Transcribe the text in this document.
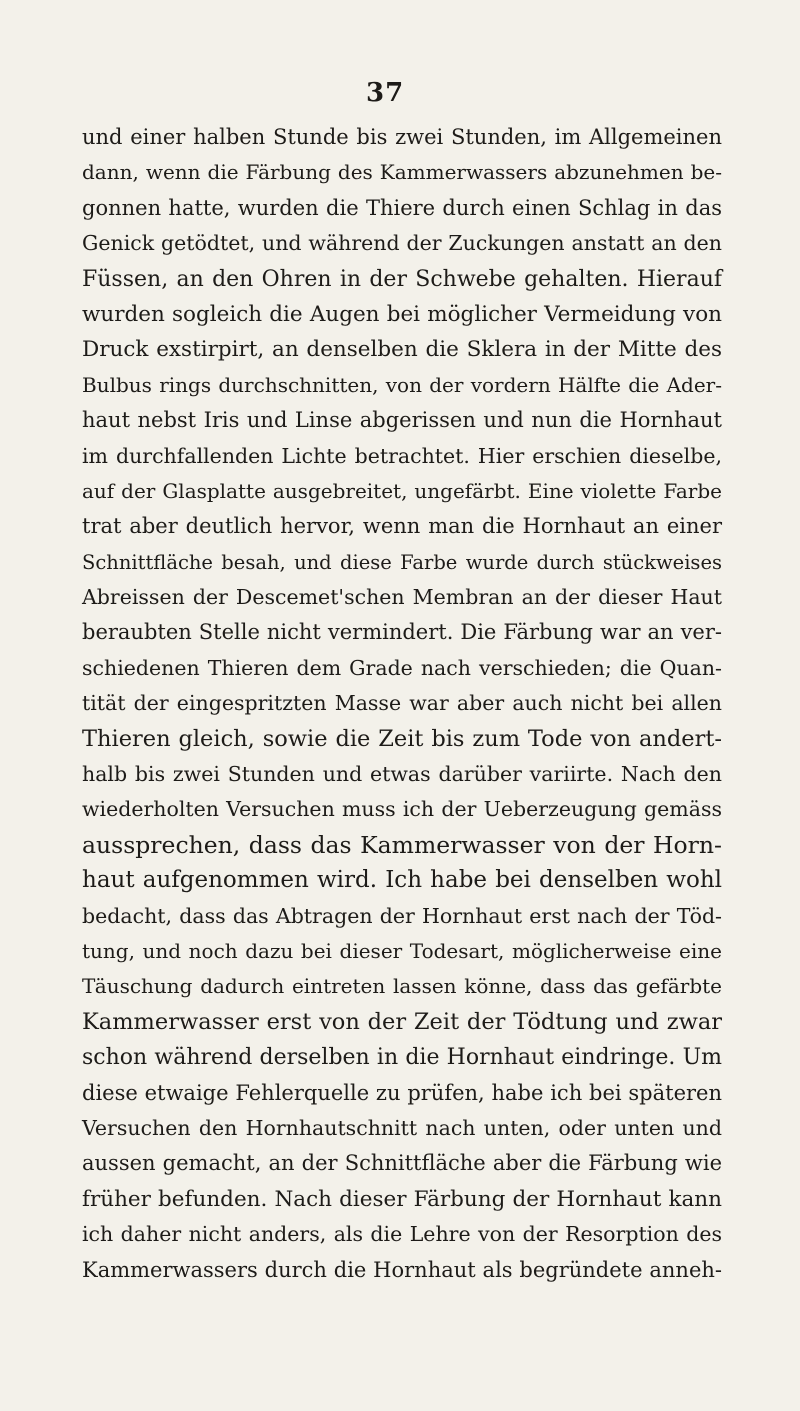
37
und einer halben Stunde bis zwei Stunden, im Allgemeinen
dann, wenn die Färbung des Kammerwassers abzunehmen be-
gonnen hatte, wurden die Thiere durch einen Schlag in das
Genick getödtet, und während der Zuckungen anstatt an den
Füssen, an den Ohren in der Schwebe gehalten. Hierauf
wurden sogleich die Augen bei möglicher Vermeidung von
Druck exstirpirt, an denselben die Sklera in der Mitte des
Bulbus rings durchschnitten, von der vordern Hälfte die Ader-
haut nebst Iris und Linse abgerissen und nun die Hornhaut
im durchfallenden Lichte betrachtet. Hier erschien dieselbe,
auf der Glasplatte ausgebreitet, ungefärbt. Eine violette Farbe
trat aber deutlich hervor, wenn man die Hornhaut an einer
Schnittfläche besah, und diese Farbe wurde durch stückweises
Abreissen der Descemet'schen Membran an der dieser Haut
beraubten Stelle nicht vermindert. Die Färbung war an ver-
schiedenen Thieren dem Grade nach verschieden; die Quan-
tität der eingespritzten Masse war aber auch nicht bei allen
Thieren gleich, sowie die Zeit bis zum Tode von andert-
halb bis zwei Stunden und etwas darüber variirte. Nach den
wiederholten Versuchen muss ich der Ueberzeugung gemäss
aussprechen, dass das Kammerwasser von der Horn-
haut aufgenommen wird. Ich habe bei denselben wohl
bedacht, dass das Abtragen der Hornhaut erst nach der Töd-
tung, und noch dazu bei dieser Todesart, möglicherweise eine
Täuschung dadurch eintreten lassen könne, dass das gefärbte
Kammerwasser erst von der Zeit der Tödtung und zwar
schon während derselben in die Hornhaut eindringe. Um
diese etwaige Fehlerquelle zu prüfen, habe ich bei späteren
Versuchen den Hornhautschnitt nach unten, oder unten und
aussen gemacht, an der Schnittfläche aber die Färbung wie
früher befunden. Nach dieser Färbung der Hornhaut kann
ich daher nicht anders, als die Lehre von der Resorption des
Kammerwassers durch die Hornhaut als begründete anneh-
